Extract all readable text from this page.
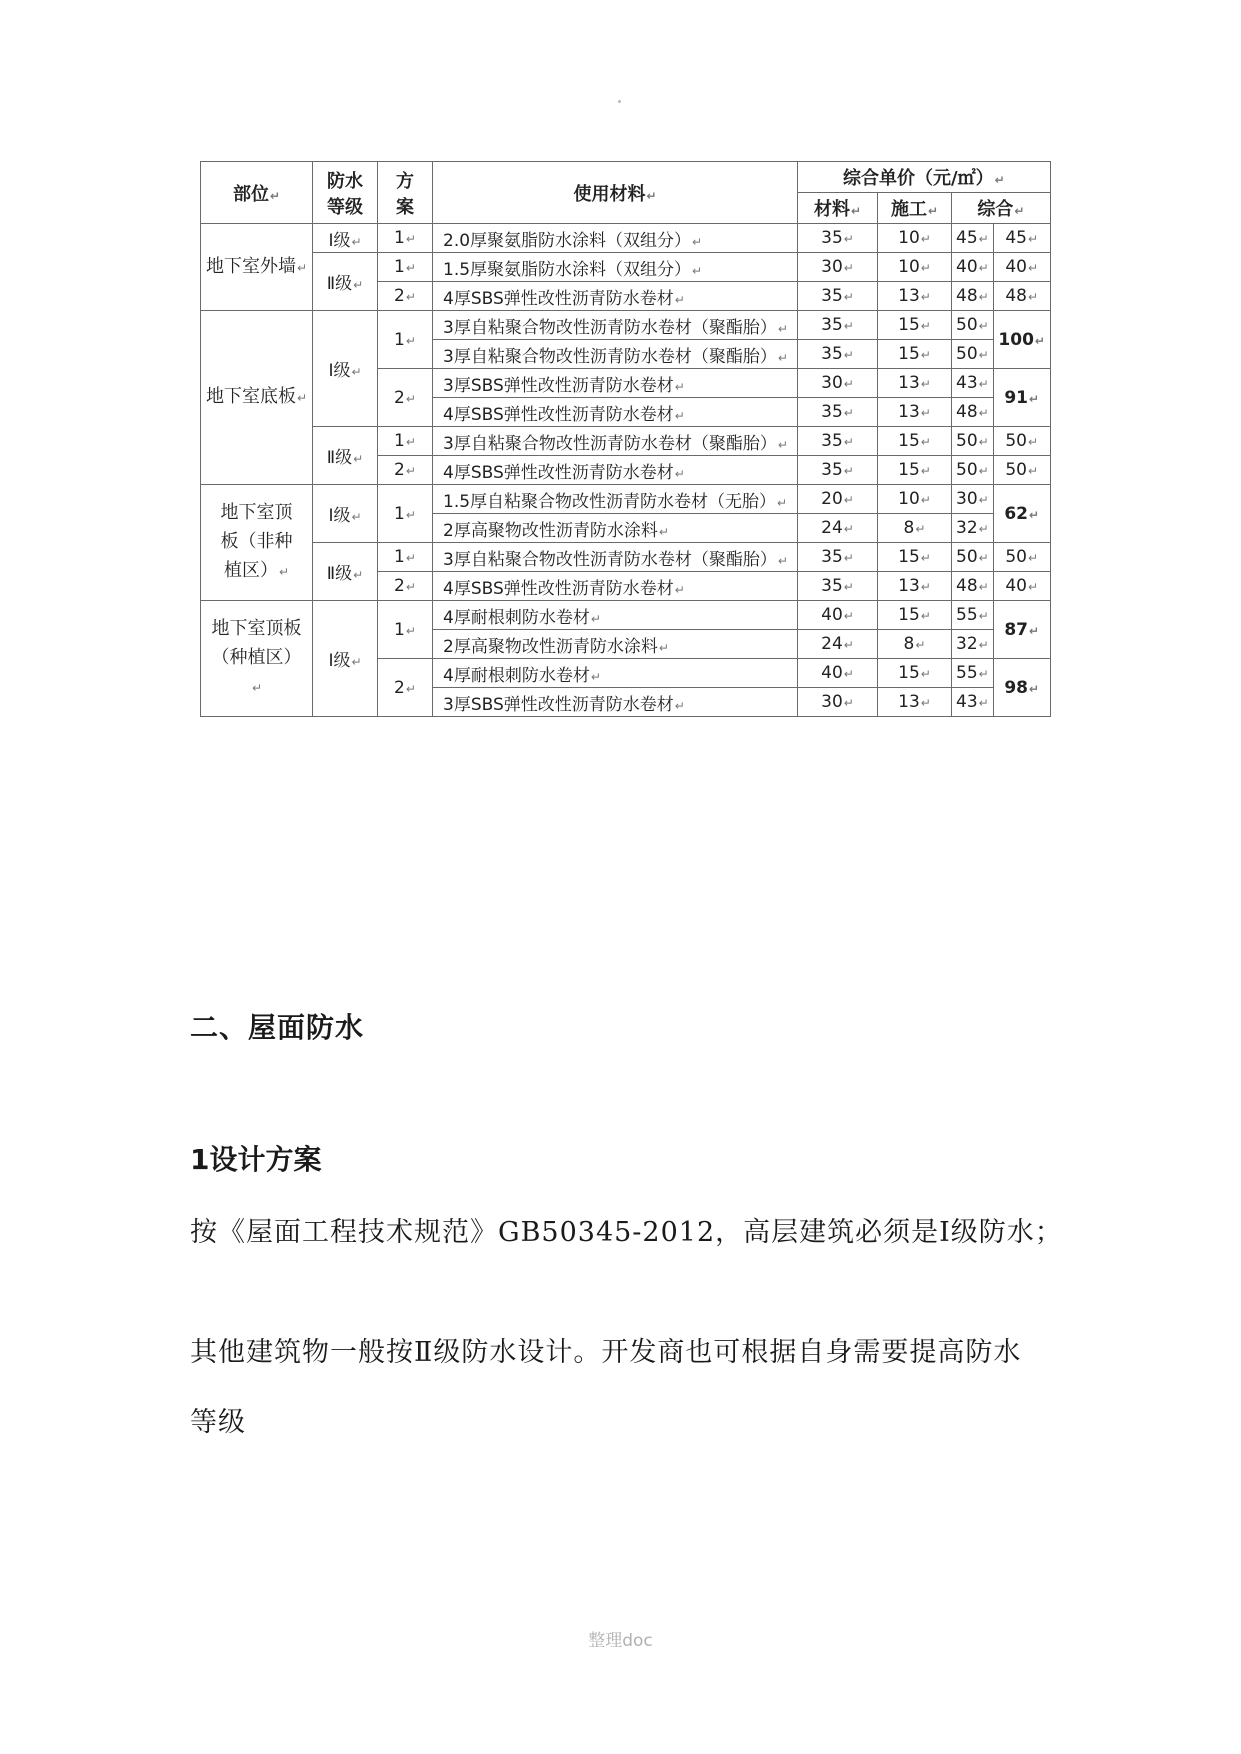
部位↵	防水等级	方案	使用材料↵	综合单价（元/㎡）↵			
				材料↵	施工↵	综合↵	
地下室外墙↵	Ⅰ级↵	1↵	2.0厚聚氨脂防水涂料（双组分）↵	35↵	10↵	45↵	45↵
	Ⅱ级↵	1↵	1.5厚聚氨脂防水涂料（双组分）↵	30↵	10↵	40↵	40↵
		2↵	4厚SBS弹性改性沥青防水卷材↵	35↵	13↵	48↵	48↵
地下室底板↵	Ⅰ级↵	1↵	3厚自粘聚合物改性沥青防水卷材（聚酯胎）↵	35↵	15↵	50↵	100↵
			3厚自粘聚合物改性沥青防水卷材（聚酯胎）↵	35↵	15↵	50↵	
		2↵	3厚SBS弹性改性沥青防水卷材↵	30↵	13↵	43↵	91↵
			4厚SBS弹性改性沥青防水卷材↵	35↵	13↵	48↵	
	Ⅱ级↵	1↵	3厚自粘聚合物改性沥青防水卷材（聚酯胎）↵	35↵	15↵	50↵	50↵
		2↵	4厚SBS弹性改性沥青防水卷材↵	35↵	15↵	50↵	50↵
地下室顶板（非种植区）↵	Ⅰ级↵	1↵	1.5厚自粘聚合物改性沥青防水卷材（无胎）↵	20↵	10↵	30↵	62↵
			2厚高聚物改性沥青防水涂料↵	24↵	8↵	32↵	
	Ⅱ级↵	1↵	3厚自粘聚合物改性沥青防水卷材（聚酯胎）↵	35↵	15↵	50↵	50↵
		2↵	4厚SBS弹性改性沥青防水卷材↵	35↵	13↵	48↵	40↵
地下室顶板（种植区）↵	Ⅰ级↵	1↵	4厚耐根刺防水卷材↵	40↵	15↵	55↵	87↵
			2厚高聚物改性沥青防水涂料↵	24↵	8↵	32↵	
		2↵	4厚耐根刺防水卷材↵	40↵	15↵	55↵	98↵
			3厚SBS弹性改性沥青防水卷材↵	30↵	13↵	43↵	
二、屋面防水
1设计方案
按《屋面工程技术规范》GB50345-2012，高层建筑必须是Ⅰ级防水；
其他建筑物一般按Ⅱ级防水设计。开发商也可根据自身需要提高防水
等级
整理doc
